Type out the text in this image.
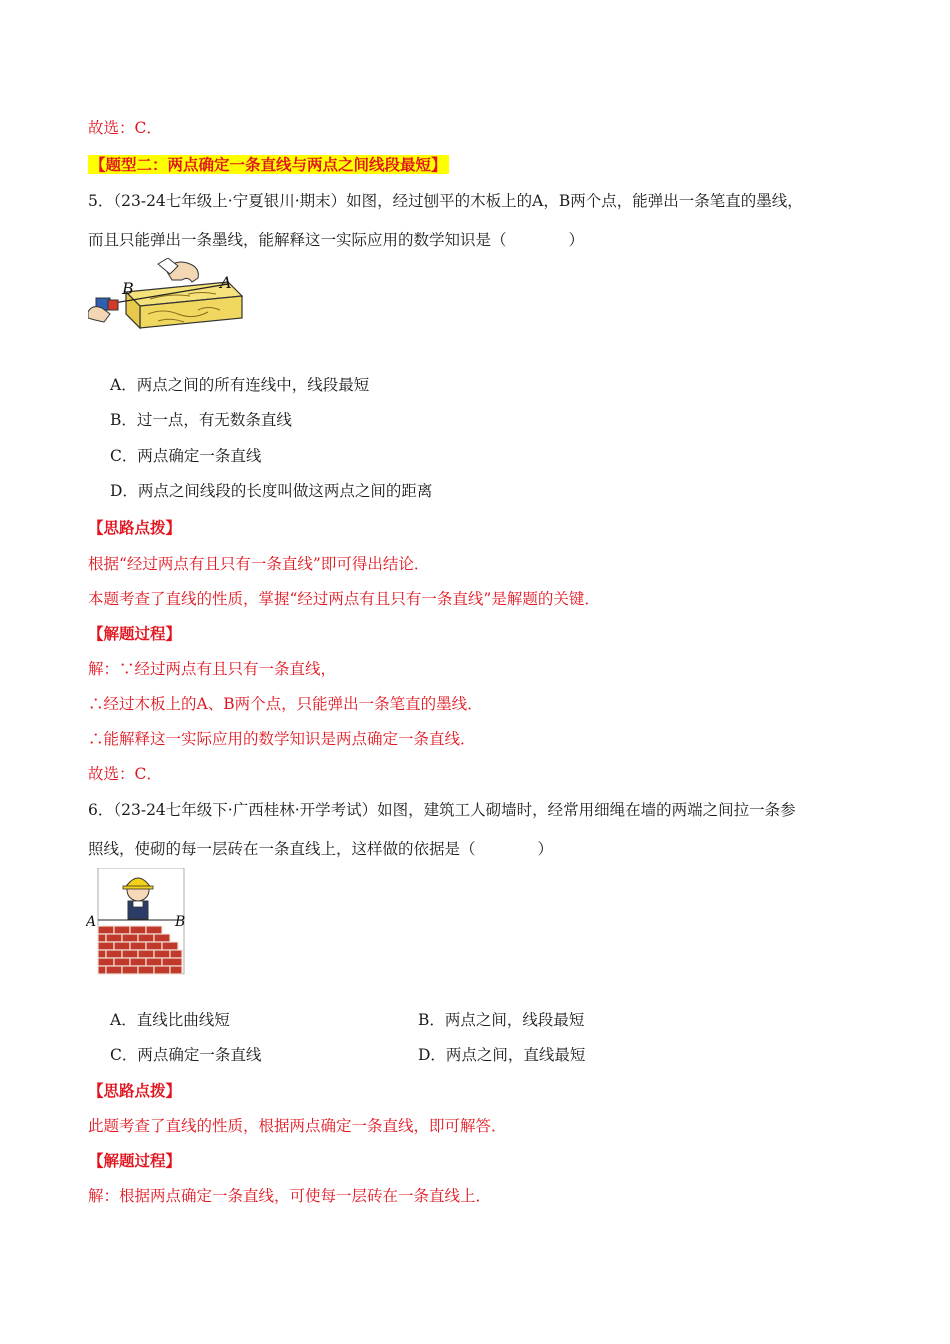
故选：C．
【题型二：两点确定一条直线与两点之间线段最短】
5．（23-24七年级上·宁夏银川·期末）如图，经过刨平的木板上的A，B两个点，能弹出一条笔直的墨线，
而且只能弹出一条墨线，能解释这一实际应用的数学知识是（　　　　）
B	A
A．两点之间的所有连线中，线段最短
B．过一点，有无数条直线
C．两点确定一条直线
D．两点之间线段的长度叫做这两点之间的距离
【思路点拨】
根据“经过两点有且只有一条直线”即可得出结论．
本题考查了直线的性质，掌握“经过两点有且只有一条直线”是解题的关键．
【解题过程】
解：∵经过两点有且只有一条直线，
∴经过木板上的A、B两个点，只能弹出一条笔直的墨线．
∴能解释这一实际应用的数学知识是两点确定一条直线．
故选：C．
6．（23-24七年级下·广西桂林·开学考试）如图，建筑工人砌墙时，经常用细绳在墙的两端之间拉一条参
照线，使砌的每一层砖在一条直线上，这样做的依据是（　　　　）
A	B
A．直线比曲线短	B．两点之间，线段最短
C．两点确定一条直线	D．两点之间，直线最短
【思路点拨】
此题考查了直线的性质，根据两点确定一条直线，即可解答．
【解题过程】
解：根据两点确定一条直线，可使每一层砖在一条直线上．
